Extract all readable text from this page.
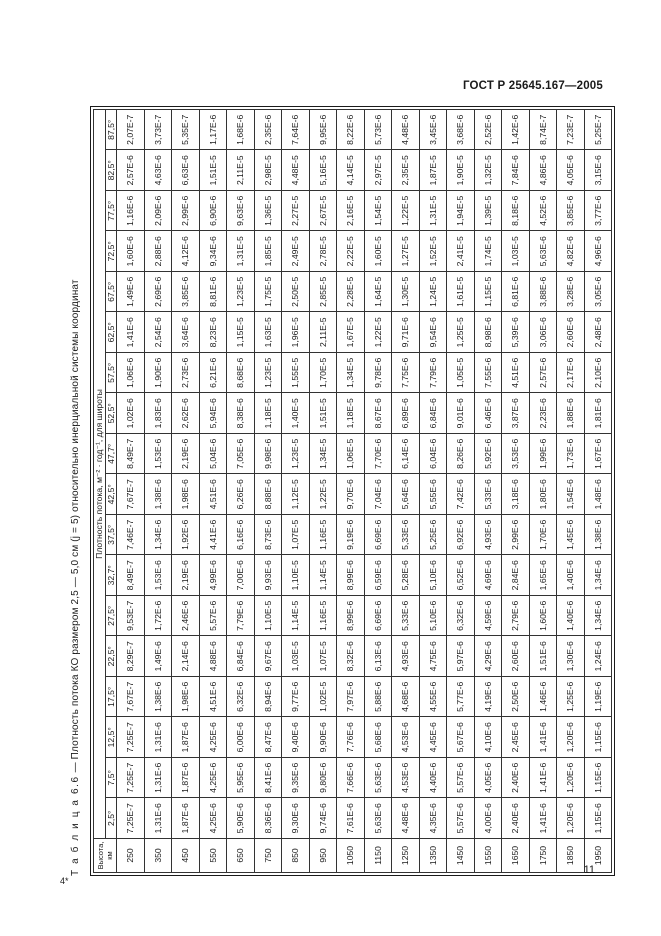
ГОСТ Р 25645.167—2005
Т а б л и ц а 6.6 — Плотность потока КО размером 2,5 — 5,0 см (j = 5) относительно инерциальной системы координат
Высота, км	Плотность потока, м⁻² · год⁻¹, для широты																	
	2,5°	7,5°	12,5°	17,5°	22,5°	27,5°	32,7°	37,5°	42,5°	47,7°	52,5°	57,5°	62,5°	67,5°	72,5°	77,5°	82,5°	87,5°
250	7,25E-7	7,25E-7	7,25E-7	7,67E-7	8,29E-7	9,53E-7	8,49E-7	7,46E-7	7,67E-7	8,49E-7	1,02E-6	1,06E-6	1,41E-6	1,49E-6	1,60E-6	1,16E-6	2,57E-6	2,07E-7
350	1,31E-6	1,31E-6	1,31E-6	1,38E-6	1,49E-6	1,72E-6	1,53E-6	1,34E-6	1,38E-6	1,53E-6	1,83E-6	1,90E-6	2,54E-6	2,69E-6	2,88E-6	2,09E-6	4,63E-6	3,73E-7
450	1,87E-6	1,87E-6	1,87E-6	1,98E-6	2,14E-6	2,46E-6	2,19E-6	1,92E-6	1,98E-6	2,19E-6	2,62E-6	2,73E-6	3,64E-6	3,85E-6	4,12E-6	2,99E-6	6,63E-6	5,35E-7
550	4,25E-6	4,25E-6	4,25E-6	4,51E-6	4,88E-6	5,57E-6	4,99E-6	4,41E-6	4,51E-6	5,04E-6	5,94E-6	6,21E-6	8,23E-6	8,81E-6	9,34E-6	6,90E-6	1,51E-5	1,17E-6
650	5,90E-6	5,95E-6	6,00E-6	6,32E-6	6,84E-6	7,79E-6	7,00E-6	6,16E-6	6,26E-6	7,05E-6	8,38E-6	8,68E-6	1,15E-5	1,23E-5	1,31E-5	9,63E-6	2,11E-5	1,68E-6
750	8,36E-6	8,41E-6	8,47E-6	8,94E-6	9,67E-6	1,10E-5	9,93E-6	8,73E-6	8,88E-6	9,98E-6	1,18E-5	1,23E-5	1,63E-5	1,75E-5	1,85E-5	1,36E-5	2,98E-5	2,35E-6
850	9,30E-6	9,35E-6	9,40E-6	9,77E-6	1,03E-5	1,14E-5	1,10E-5	1,07E-5	1,12E-5	1,23E-5	1,40E-5	1,55E-5	1,96E-5	2,50E-5	2,49E-5	2,27E-5	4,48E-5	7,64E-6
950	9,74E-6	9,80E-6	9,90E-6	1,02E-5	1,07E-5	1,16E-5	1,14E-5	1,16E-5	1,22E-5	1,34E-5	1,51E-5	1,70E-5	2,11E-5	2,85E-5	2,78E-5	2,67E-5	5,16E-5	9,95E-6
1050	7,61E-6	7,66E-6	7,76E-6	7,97E-6	8,32E-6	8,99E-6	8,99E-6	9,19E-6	9,70E-6	1,06E-5	1,18E-5	1,34E-5	1,67E-5	2,28E-5	2,22E-5	2,16E-5	4,14E-5	8,22E-6
1150	5,63E-6	5,63E-6	5,68E-6	5,88E-6	6,13E-6	6,69E-6	6,59E-6	6,69E-6	7,04E-6	7,70E-6	8,67E-6	9,78E-6	1,22E-5	1,64E-5	1,60E-5	1,54E-5	2,97E-5	5,73E-6
1250	4,48E-6	4,53E-6	4,53E-6	4,68E-6	4,93E-6	5,33E-6	5,28E-6	5,33E-6	5,64E-6	6,14E-6	6,89E-6	7,75E-6	9,71E-6	1,30E-5	1,27E-5	1,22E-5	2,35E-5	4,48E-6
1350	4,35E-6	4,40E-6	4,45E-6	4,55E-6	4,75E-6	5,10E-6	5,10E-6	5,25E-6	5,55E-6	6,04E-6	6,84E-6	7,79E-6	9,54E-6	1,24E-5	1,52E-5	1,31E-5	1,87E-5	3,45E-6
1450	5,57E-6	5,57E-6	5,67E-6	5,77E-6	5,97E-6	6,32E-6	6,52E-6	6,92E-6	7,42E-6	8,26E-6	9,01E-6	1,05E-5	1,25E-5	1,61E-5	2,41E-5	1,94E-5	1,90E-5	3,68E-6
1550	4,00E-6	4,05E-6	4,10E-6	4,19E-6	4,29E-6	4,59E-6	4,69E-6	4,93E-6	5,33E-6	5,92E-6	6,46E-6	7,55E-6	8,98E-6	1,15E-5	1,74E-5	1,39E-5	1,32E-5	2,52E-6
1650	2,40E-6	2,40E-6	2,45E-6	2,50E-6	2,60E-6	2,79E-6	2,84E-6	2,99E-6	3,18E-6	3,53E-6	3,87E-6	4,51E-6	5,39E-6	6,81E-6	1,03E-5	8,18E-6	7,84E-6	1,42E-6
1750	1,41E-6	1,41E-6	1,41E-6	1,46E-6	1,51E-6	1,60E-6	1,65E-6	1,70E-6	1,80E-6	1,99E-6	2,23E-6	2,57E-6	3,06E-6	3,88E-6	5,63E-6	4,52E-6	4,86E-6	8,74E-7
1850	1,20E-6	1,20E-6	1,20E-6	1,25E-6	1,30E-6	1,40E-6	1,40E-6	1,45E-6	1,54E-6	1,73E-6	1,88E-6	2,17E-6	2,60E-6	3,28E-6	4,82E-6	3,85E-6	4,05E-6	7,23E-7
1950	1,15E-6	1,15E-6	1,15E-6	1,19E-6	1,24E-6	1,34E-6	1,34E-6	1,38E-6	1,48E-6	1,67E-6	1,81E-6	2,10E-6	2,48E-6	3,05E-6	4,96E-6	3,77E-6	3,15E-6	5,25E-7
4*
11
